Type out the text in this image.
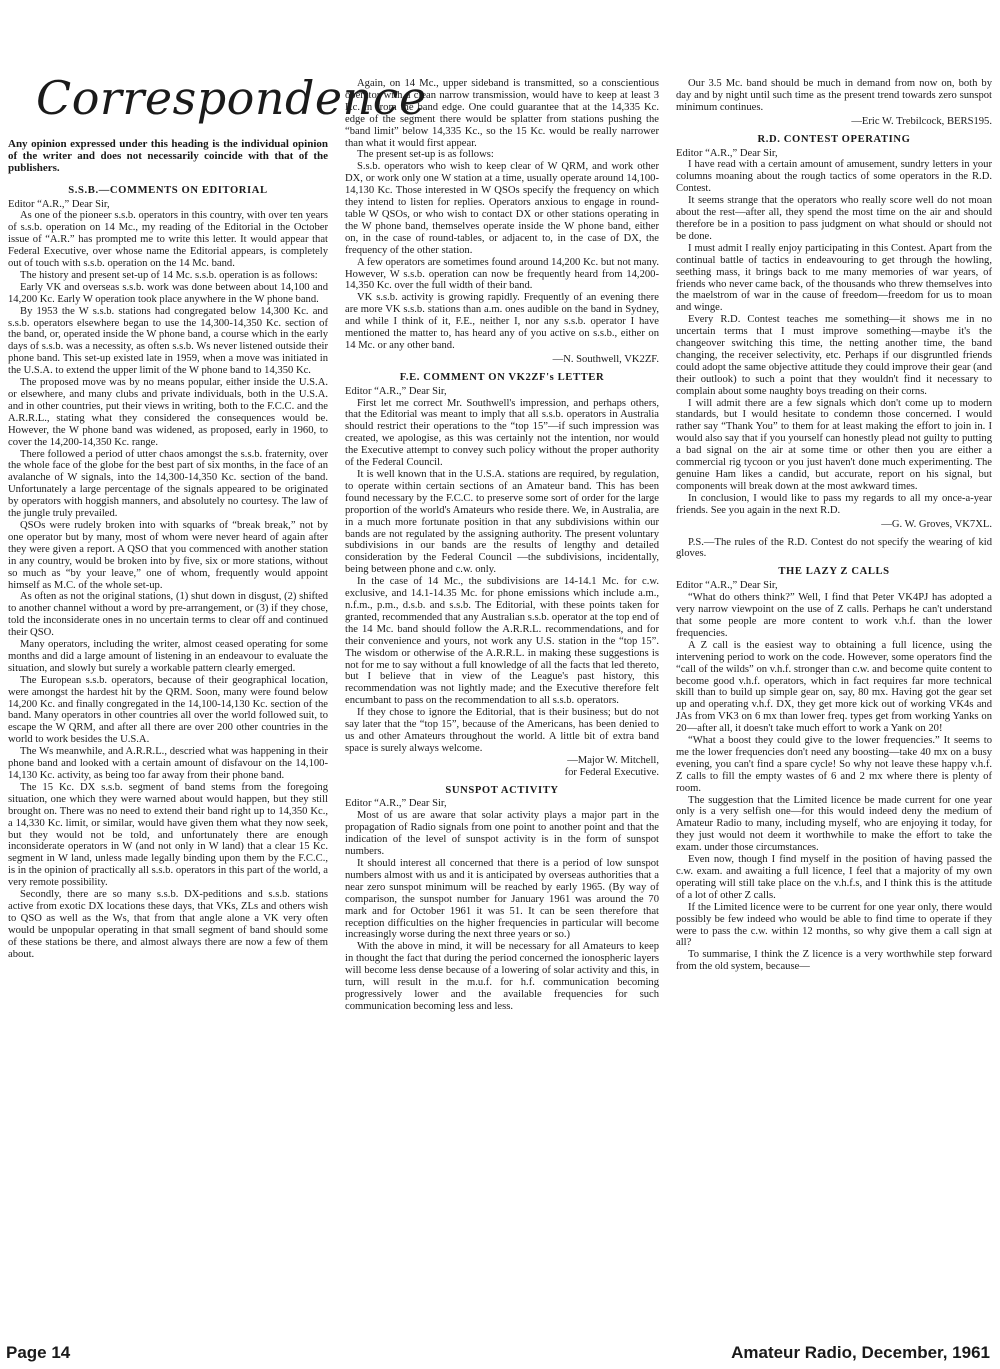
Correspondence
Any opinion expressed under this heading is the individual opinion of the writer and does not necessarily coincide with that of the publishers.
S.S.B.—COMMENTS ON EDITORIAL
Editor “A.R.,” Dear Sir,

As one of the pioneer s.s.b. operators in this country, with over ten years of s.s.b. operation on 14 Mc., my reading of the Editorial in the October issue of “A.R.” has prompted me to write this letter. It would appear that Federal Executive, over whose name the Editorial appears, is completely out of touch with s.s.b. operation on the 14 Mc. band.

The history and present set-up of 14 Mc. s.s.b. operation is as follows:

Early VK and overseas s.s.b. work was done between about 14,100 and 14,200 Kc. Early W operation took place anywhere in the W phone band.

By 1953 the W s.s.b. stations had congregated below 14,300 Kc. and s.s.b. operators elsewhere began to use the 14,300-14,350 Kc. section of the band, or, operated inside the W phone band, a course which in the early days of s.s.b. was a necessity, as often s.s.b. Ws never listened outside their phone band. This set-up existed late in 1959, when a move was initiated in the U.S.A. to extend the upper limit of the W phone band to 14,350 Kc.

The proposed move was by no means popular, either inside the U.S.A. or elsewhere, and many clubs and private individuals, both in the U.S.A. and in other countries, put their views in writing, both to the F.C.C. and the A.R.R.L., stating what they considered the consequences would be. However, the W phone band was widened, as proposed, early in 1960, to cover the 14,200-14,350 Kc. range.

There followed a period of utter chaos amongst the s.s.b. fraternity, over the whole face of the globe for the best part of six months, in the face of an avalanche of W signals, into the 14,300-14,350 Kc. section of the band. Unfortunately a large percentage of the signals appeared to be originated by operators with hoggish manners, and absolutely no courtesy. The law of the jungle truly prevailed.

QSOs were rudely broken into with squarks of “break break,” not by one operator but by many, most of whom were never heard of again after they were given a report. A QSO that you commenced with another station in any country, would be broken into by five, six or more stations, without so much as “by your leave,” one of whom, frequently would appoint himself as M.C. of the whole set-up.

As often as not the original stations, (1) shut down in disgust, (2) shifted to another channel without a word by pre-arrangement, or (3) if they chose, told the inconsiderate ones in no uncertain terms to clear off and continued their QSO.

Many operators, including the writer, almost ceased operating for some months and did a large amount of listening in an endeavour to evaluate the situation, and slowly but surely a workable pattern clearly emerged.

The European s.s.b. operators, because of their geographical location, were amongst the hardest hit by the QRM. Soon, many were found below 14,200 Kc. and finally congregated in the 14,100-14,130 Kc. section of the band. Many operators in other countries all over the world followed suit, to escape the W QRM, and after all there are over 200 other countries in the world to work besides the U.S.A.

The Ws meanwhile, and A.R.R.L., descried what was happening in their phone band and looked with a certain amount of disfavour on the 14,100-14,130 Kc. activity, as being too far away from their phone band.

The 15 Kc. DX s.s.b. segment of band stems from the foregoing situation, one which they were warned about would happen, but they still brought on. There was no need to extend their band right up to 14,350 Kc., a 14,330 Kc. limit, or similar, would have given them what they now seek, but they would not be told, and unfortunately there are enough inconsiderate operators in W (and not only in W land) that a clear 15 Kc. segment in W land, unless made legally binding upon them by the F.C.C., is in the opinion of practically all s.s.b. operators in this part of the world, a very remote possibility.

Secondly, there are so many s.s.b. DX-peditions and s.s.b. stations active from exotic DX locations these days, that VKs, ZLs and others wish to QSO as well as the Ws, that from that angle alone a VK very often would be unpopular operating in that small segment of band should some of these stations be there, and almost always there are now a few of them about.

Again, on 14 Mc., upper sideband is transmitted, so a conscientious operator with a clean narrow transmission, would have to keep at least 3 Kc. in from the band edge. One could guarantee that at the 14,335 Kc. edge of the segment there would be splatter from stations pushing the “band limit” below 14,335 Kc., so the 15 Kc. would be really narrower than what it would first appear.

The present set-up is as follows:

S.s.b. operators who wish to keep clear of W QRM, and work other DX, or work only one W station at a time, usually operate around 14,100-14,130 Kc. Those interested in W QSOs specify the frequency on which they intend to listen for replies. Operators anxious to engage in round-table W QSOs, or who wish to contact DX or other stations operating in the W phone band, themselves operate inside the W phone band, either on, in the case of round-tables, or adjacent to, in the case of DX, the frequency of the other station.

A few operators are sometimes found around 14,200 Kc. but not many. However, W s.s.b. operation can now be frequently heard from 14,200-14,350 Kc. over the full width of their band.

VK s.s.b. activity is growing rapidly. Frequently of an evening there are more VK s.s.b. stations than a.m. ones audible on the band in Sydney, and while I think of it, F.E., neither I, nor any s.s.b. operator I have mentioned the matter to, has heard any of you active on s.s.b., either on 14 Mc. or any other band.

—N. Southwell, VK2ZF.
F.E. COMMENT ON VK2ZF's LETTER
Editor “A.R.,” Dear Sir,

First let me correct Mr. Southwell's impression, and perhaps others, that the Editorial was meant to imply that all s.s.b. operators in Australia should restrict their operations to the “top 15”—if such impression was created, we apologise, as this was certainly not the intention, nor would the Executive attempt to convey such policy without the proper authority of the Federal Council.

It is well known that in the U.S.A. stations are required, by regulation, to operate within certain sections of an Amateur band. This has been found necessary by the F.C.C. to preserve some sort of order for the large proportion of the world's Amateurs who reside there. We, in Australia, are in a much more fortunate position in that any subdivisions within our bands are not regulated by the assigning authority. The present voluntary subdivisions in our bands are the results of lengthy and detailed consideration by the Federal Council —the subdivisions, incidentally, being between phone and c.w. only.

In the case of 14 Mc., the subdivisions are 14-14.1 Mc. for c.w. exclusive, and 14.1-14.35 Mc. for phone emissions which include a.m., n.f.m., p.m., d.s.b. and s.s.b. The Editorial, with these points taken for granted, recommended that any Australian s.s.b. operator at the top end of the 14 Mc. band should follow the A.R.R.L. recommendations, and for their convenience and yours, not work any U.S. station in the “top 15”. The wisdom or otherwise of the A.R.R.L. in making these suggestions is not for me to say without a full knowledge of all the facts that led thereto, but I believe that in view of the League's past history, this recommendation was not lightly made; and the Executive therefore felt encumbant to pass on the recommendation to all s.s.b. operators.

If they chose to ignore the Editorial, that is their business; but do not say later that the “top 15”, because of the Americans, has been denied to us and other Amateurs throughout the world. A little bit of extra band space is surely always welcome.

—Major W. Mitchell,
for Federal Executive.
SUNSPOT ACTIVITY
Editor “A.R.,” Dear Sir,

Most of us are aware that solar activity plays a major part in the propagation of Radio signals from one point to another point and that the indication of the level of sunspot activity is in the form of sunspot numbers.

It should interest all concerned that there is a period of low sunspot numbers almost with us and it is anticipated by overseas authorities that a near zero sunspot minimum will be reached by early 1965. (By way of comparison, the sunspot number for January 1961 was around the 70 mark and for October 1961 it was 51. It can be seen therefore that reception difficulties on the higher frequencies in particular will become increasingly worse during the next three years or so.)

With the above in mind, it will be necessary for all Amateurs to keep in thought the fact that during the period concerned the ionospheric layers will become less dense because of a lowering of solar activity and this, in turn, will result in the m.u.f. for h.f. communication becoming progressively lower and the available frequencies for such communication becoming less and less.

Our 3.5 Mc. band should be much in demand from now on, both by day and by night until such time as the present trend towards zero sunspot minimum continues.

—Eric W. Trebilcock, BERS195.
R.D. CONTEST OPERATING
Editor “A.R.,” Dear Sir,

I have read with a certain amount of amusement, sundry letters in your columns moaning about the rough tactics of some operators in the R.D. Contest.

It seems strange that the operators who really score well do not moan about the rest—after all, they spend the most time on the air and should therefore be in a position to pass judgment on what should or should not be done.

I must admit I really enjoy participating in this Contest. Apart from the continual battle of tactics in endeavouring to get through the howling, seething mass, it brings back to me many memories of war years, of friends who never came back, of the thousands who threw themselves into the maelstrom of war in the cause of freedom—freedom for us to moan and winge.

Every R.D. Contest teaches me something—it shows me in no uncertain terms that I must improve something—maybe it's the changeover switching this time, the netting another time, the band changing, the receiver selectivity, etc. Perhaps if our disgruntled friends could adopt the same objective attitude they could improve their gear (and their outlook) to such a point that they wouldn't find it necessary to complain about some naughty boys treading on their corns.

I will admit there are a few signals which don't come up to modern standards, but I would hesitate to condemn those concerned. I would rather say “Thank You” to them for at least making the effort to join in. I would also say that if you yourself can honestly plead not guilty to putting a bad signal on the air at some time or other then you are either a commercial rig tycoon or you just haven't done much experimenting. The genuine Ham likes a candid, but accurate, report on his signal, but components will break down at the most awkward times.

In conclusion, I would like to pass my regards to all my once-a-year friends. See you again in the next R.D.

—G. W. Groves, VK7XL.

P.S.—The rules of the R.D. Contest do not specify the wearing of kid gloves.

THE LAZY Z CALLS
Editor “A.R.,” Dear Sir,

“What do others think?” Well, I find that Peter VK4PJ has adopted a very narrow viewpoint on the use of Z calls. Perhaps he can't understand that some people are more content to work v.h.f. than the lower frequencies.

A Z call is the easiest way to obtaining a full licence, using the intervening period to work on the code. However, some operators find the “call of the wilds” on v.h.f. stronger than c.w. and become quite content to become good v.h.f. operators, which in fact requires far more technical skill than to build up simple gear on, say, 80 mx. Having got the gear set up and operating v.h.f. DX, they get more kick out of working VK4s and JAs from VK3 on 6 mx than lower freq. types get from working Yanks on 20—after all, it doesn't take much effort to work a Yank on 20!

“What a boost they could give to the lower frequencies.” It seems to me the lower frequencies don't need any boosting—take 40 mx on a busy evening, you can't find a spare cycle! So why not leave these happy v.h.f. Z calls to fill the empty wastes of 6 and 2 mx where there is plenty of room.

The suggestion that the Limited licence be made current for one year only is a very selfish one—for this would indeed deny the medium of Amateur Radio to many, including myself, who are enjoying it today, for they just would not deem it worthwhile to make the effort to take the exam. under those circumstances.

Even now, though I find myself in the position of having passed the c.w. exam. and awaiting a full licence, I feel that a majority of my own operating will still take place on the v.h.f.s, and I think this is the attitude of a lot of other Z calls.

If the Limited licence were to be current for one year only, there would possibly be few indeed who would be able to find time to operate if they were to pass the c.w. within 12 months, so why give them a call sign at all?

To summarise, I think the Z licence is a very worthwhile step forward from the old system, because—

Page 14	Amateur Radio, December, 1961
